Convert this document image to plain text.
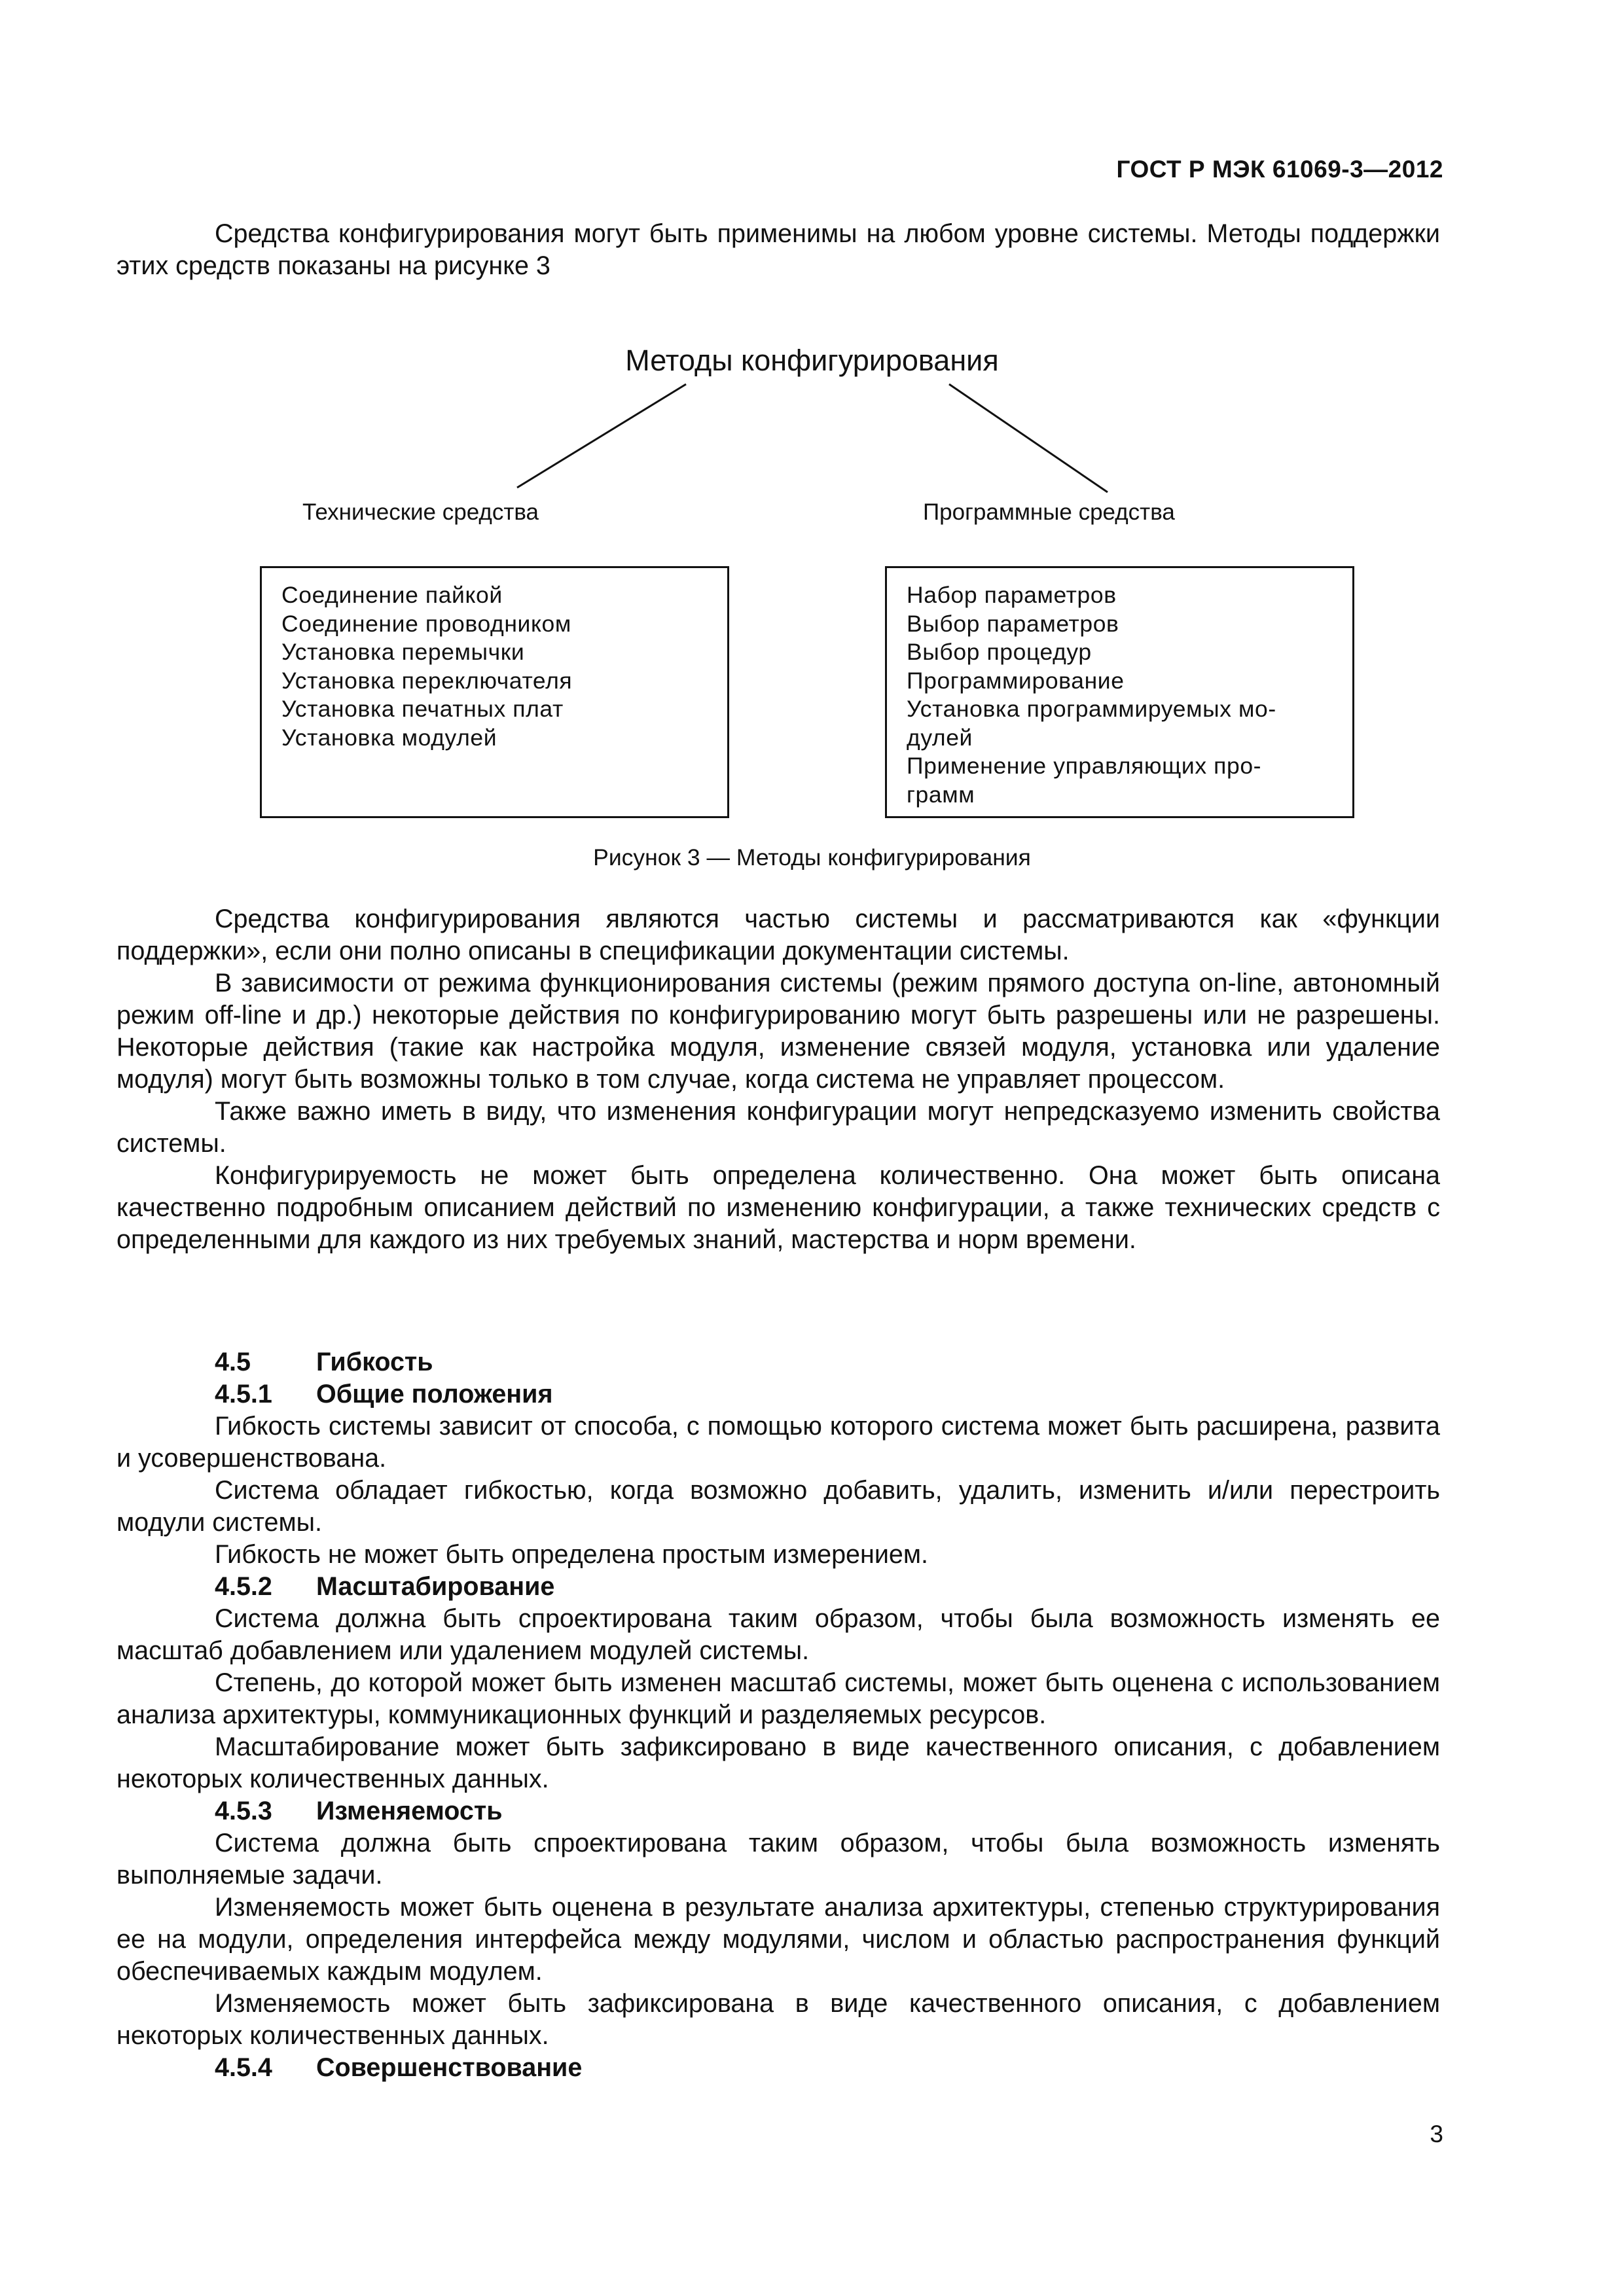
ГОСТ Р МЭК 61069-3—2012

Средства конфигурирования могут быть применимы на любом уровне системы. Методы поддержки этих средств показаны на рисунке 3

Методы конфигурирования
Технические средства	Программные средства
Соединение пайкой
Соединение проводником
Установка перемычки
Установка переключателя
Установка печатных плат
Установка модулей
Набор параметров
Выбор параметров
Выбор процедур
Программирование
Установка программируемых мо-
дулей
Применение управляющих про-
грамм
Рисунок 3 — Методы конфигурирования

Средства конфигурирования являются частью системы и рассматриваются как «функции поддержки», если они полно описаны в спецификации документации системы.

В зависимости от режима функционирования системы (режим прямого доступа on-line, автономный режим off-line и др.) некоторые действия по конфигурированию могут быть разрешены или не разрешены. Некоторые действия (такие как настройка модуля, изменение связей модуля, установка или удаление модуля) могут быть возможны только в том случае, когда система не управляет процессом.

Также важно иметь в виду, что изменения конфигурации могут непредсказуемо изменить свойства системы.

Конфигурируемость не может быть определена количественно. Она может быть описана качественно подробным описанием действий по изменению конфигурации, а также технических средств с определенными для каждого из них требуемых знаний, мастерства и норм времени.

4.5	Гибкость
4.5.1 Общие положения

Гибкость системы зависит от способа, с помощью которого система может быть расширена, развита и усовершенствована.

Система обладает гибкостью, когда возможно добавить, удалить, изменить и/или перестроить модули системы.

Гибкость не может быть определена простым измерением.

4.5.2 Масштабирование

Система должна быть спроектирована таким образом, чтобы была возможность изменять ее масштаб добавлением или удалением модулей системы.

Степень, до которой может быть изменен масштаб системы, может быть оценена с использованием анализа архитектуры, коммуникационных функций и разделяемых ресурсов.

Масштабирование может быть зафиксировано в виде качественного описания, с добавлением некоторых количественных данных.

4.5.3 Изменяемость

Система должна быть спроектирована таким образом, чтобы была возможность изменять выполняемые задачи.

Изменяемость может быть оценена в результате анализа архитектуры, степенью структурирования ее на модули, определения интерфейса между модулями, числом и областью распространения функций обеспечиваемых каждым модулем.

Изменяемость может быть зафиксирована в виде качественного описания, с добавлением некоторых количественных данных.

4.5.4 Совершенствование
3
